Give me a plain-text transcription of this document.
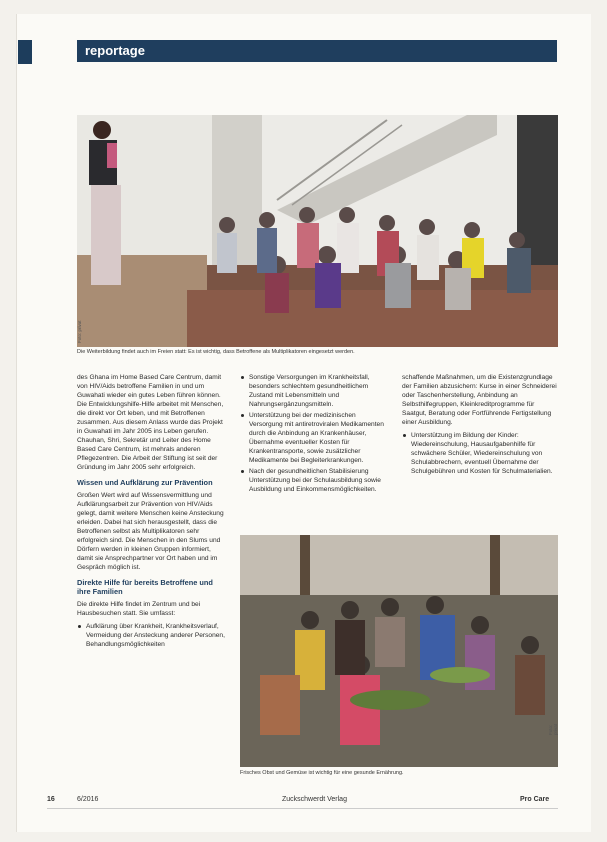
reportage
Foto: privat
Die Weiterbildung findet auch im Freien statt: Es ist wichtig, dass Betroffene als Multiplikatoren eingesetzt werden.
Foto: privat
Frisches Obst und Gemüse ist wichtig für eine gesunde Ernährung.

des Ghana im Home Based Care Centrum, damit von HIV/Aids betroffene Familien in und um Guwahati wieder ein gutes Leben führen können. Die Entwicklungshilfe-Hilfe arbeitet mit Menschen, die direkt vor Ort leben, und mit Betroffenen zusammen. Aus diesem Anlass wurde das Projekt in Guwahati im Jahr 2005 ins Leben gerufen. Chauhan, Shri, Sekretär und Leiter des Home Based Care Centrum, ist mehrals anderen Pflegezentren. Die Arbeit der Stiftung ist seit der Gründung im Jahr 2005 sehr erfolgreich.

Wissen und Aufklärung zur Prävention

Großen Wert wird auf Wissensvermittlung und Aufklärungsarbeit zur Prävention von HIV/Aids gelegt, damit weitere Menschen keine Ansteckung erleiden. Dabei hat sich herausgestellt, dass die Betroffenen selbst als Multiplikatoren sehr erfolgreich sind. Die Menschen in den Slums und Dörfern werden in kleinen Gruppen informiert, damit sie Ansprechpartner vor Ort haben und im Gespräch möglich ist.

Direkte Hilfe für bereits Betroffene und ihre Familien

Die direkte Hilfe findet im Zentrum und bei Hausbesuchen statt. Sie umfasst:

Aufklärung über Krankheit, Krankheitsverlauf, Vermeidung der Ansteckung anderer Personen, Behandlungsmöglichkeiten
Sonstige Versorgungen im Krankheitsfall, besonders schlechtem gesundheitlichem Zustand mit Lebensmitteln und Nahrungsergänzungsmitteln.
Unterstützung bei der medizinischen Versorgung mit antiretroviralen Medikamenten durch die Anbindung an Krankenhäuser, Übernahme eventueller Kosten für Krankentransporte, sowie zusätzlicher Medikamente bei Begleiterkrankungen.
Nach der gesundheitlichen Stabilisierung Unterstützung bei der Schulausbildung sowie Ausbildung und Einkommensmöglichkeiten.

schaffende Maßnahmen, um die Existenzgrundlage der Familien abzusichern: Kurse in einer Schneiderei oder Taschenherstellung, Anbindung an Selbsthilfegruppen, Kleinkreditprogramme für Saatgut, Beratung oder Fortführende Fertigstellung einer Ausbildung.

Unterstützung im Bildung der Kinder: Wiedereinschulung, Hausaufgabenhilfe für schwächere Schüler, Wiedereinschulung von Schulabbrechern, eventuell Übernahme der Schulgebühren und Kosten für Schulmaterialien.
16	6/2016	Zuckschwerdt Verlag	Pro Care
